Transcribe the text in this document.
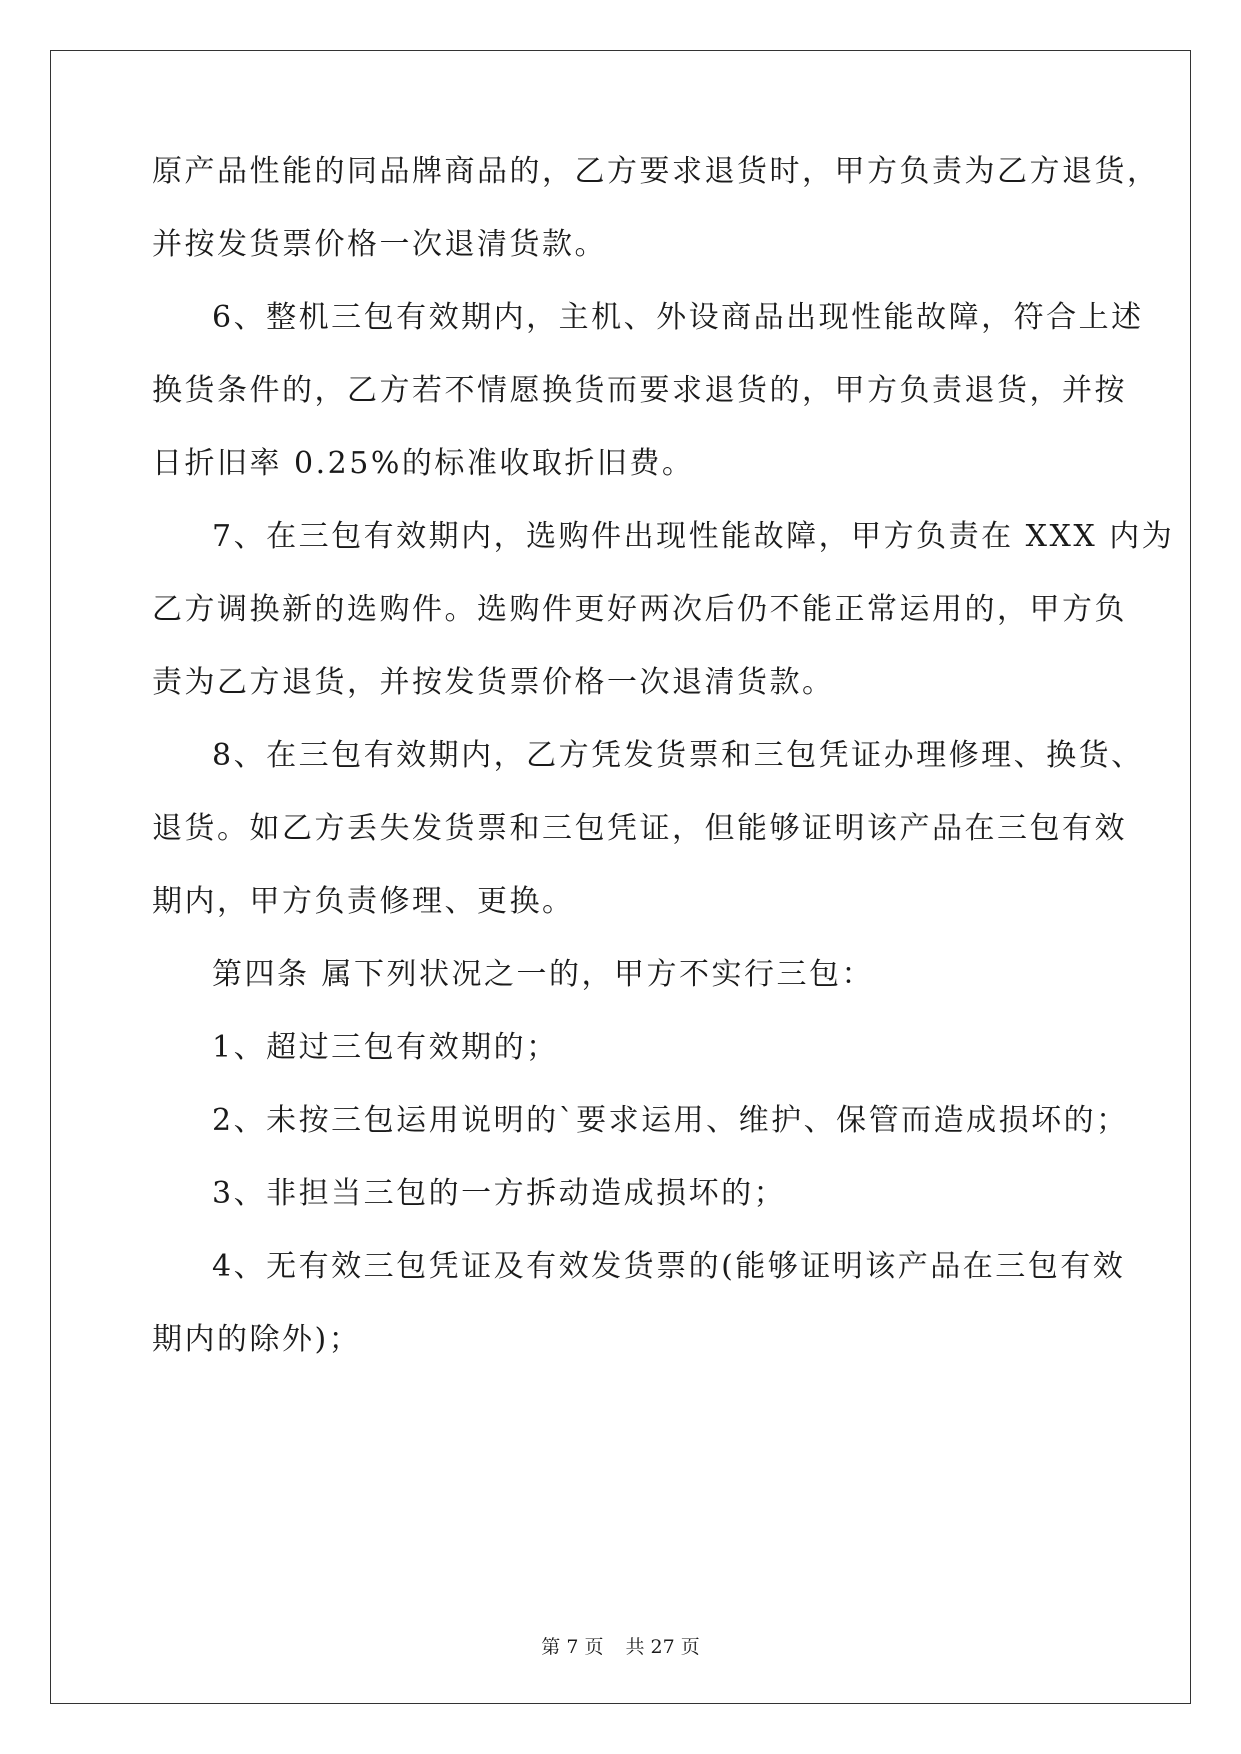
原产品性能的同品牌商品的，乙方要求退货时，甲方负责为乙方退货，
并按发货票价格一次退清货款。
6、整机三包有效期内，主机、外设商品出现性能故障，符合上述
换货条件的，乙方若不情愿换货而要求退货的，甲方负责退货，并按
日折旧率 0.25%的标准收取折旧费。
7、在三包有效期内，选购件出现性能故障，甲方负责在 XXX 内为
乙方调换新的选购件。选购件更好两次后仍不能正常运用的，甲方负
责为乙方退货，并按发货票价格一次退清货款。
8、在三包有效期内，乙方凭发货票和三包凭证办理修理、换货、
退货。如乙方丢失发货票和三包凭证，但能够证明该产品在三包有效
期内，甲方负责修理、更换。
第四条 属下列状况之一的，甲方不实行三包：
1、超过三包有效期的；
2、未按三包运用说明的`要求运用、维护、保管而造成损坏的；
3、非担当三包的一方拆动造成损坏的；
4、无有效三包凭证及有效发货票的(能够证明该产品在三包有效
期内的除外)；
第 7 页 共 27 页
